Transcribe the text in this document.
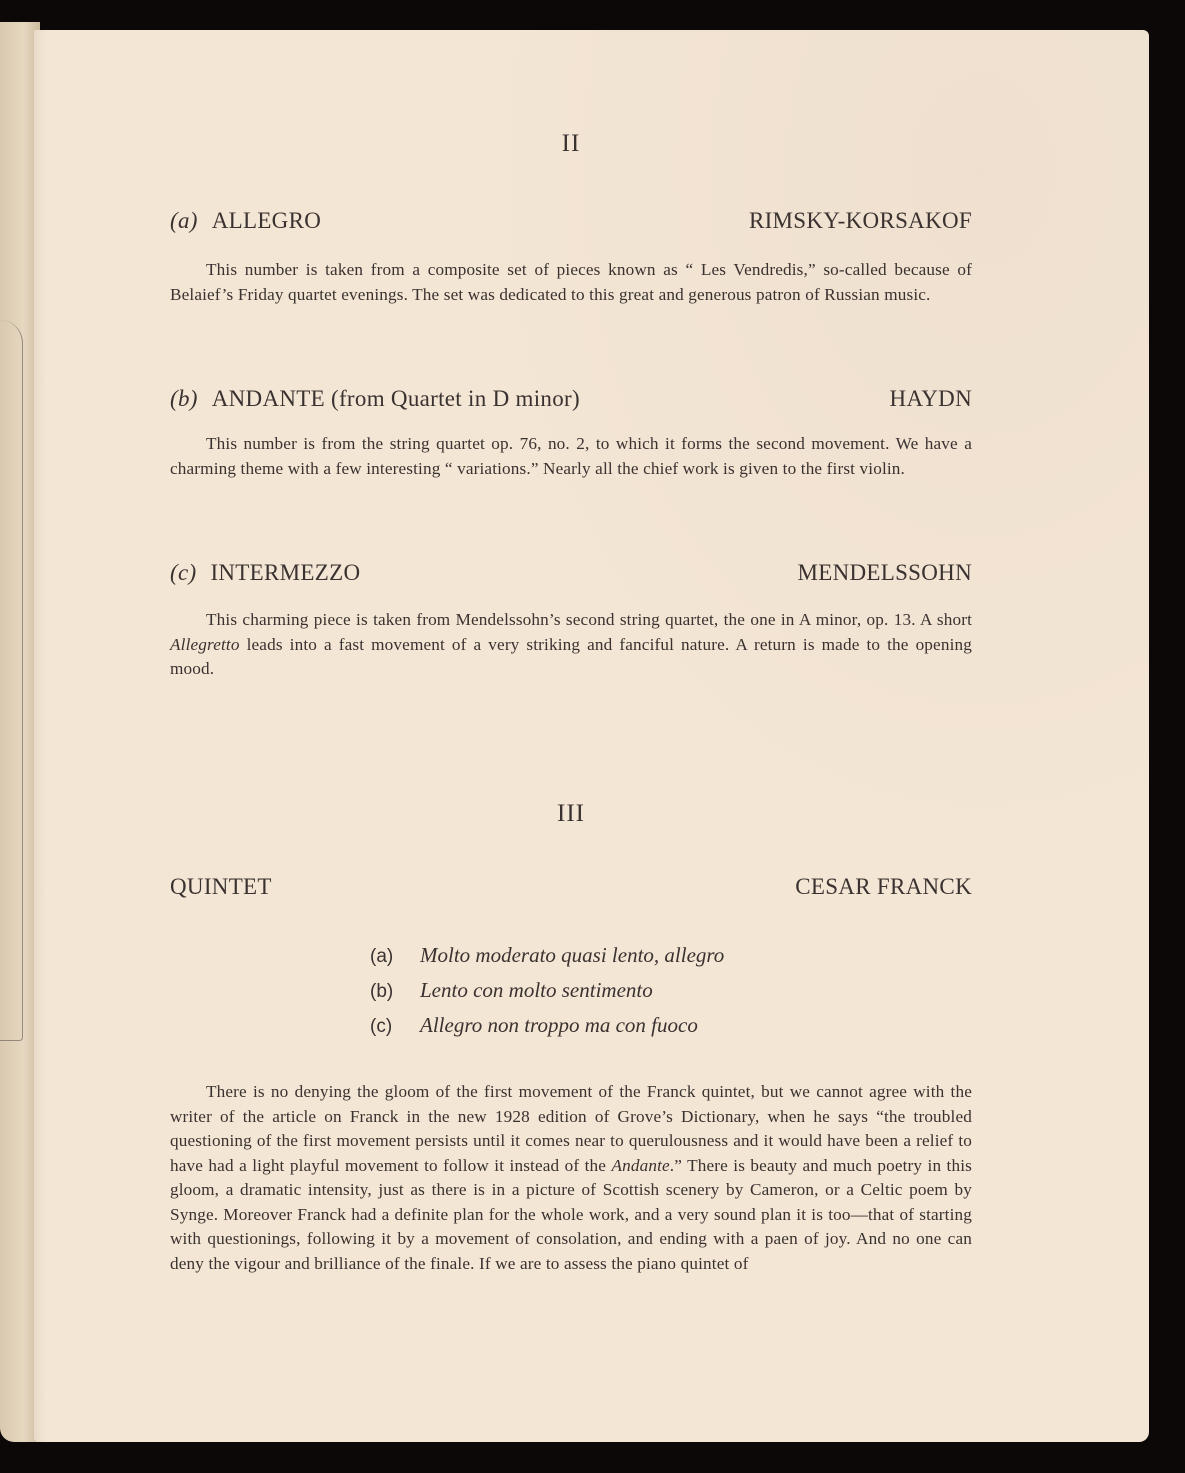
II
(a) ALLEGRO	RIMSKY-KORSAKOF
This number is taken from a composite set of pieces known as “ Les Vendredis,” so-called because of Belaief’s Friday quartet evenings. The set was dedicated to this great and generous patron of Russian music.
(b) ANDANTE (from Quartet in D minor)	HAYDN
This number is from the string quartet op. 76, no. 2, to which it forms the second movement. We have a charming theme with a few interesting “ variations.” Nearly all the chief work is given to the first violin.
(c) INTERMEZZO	MENDELSSOHN
This charming piece is taken from Mendelssohn’s second string quartet, the one in A minor, op. 13. A short Allegretto leads into a fast movement of a very striking and fanciful nature. A return is made to the opening mood.
III
QUINTET	CESAR FRANCK
(a)	Molto moderato quasi lento, allegro
(b)	Lento con molto sentimento
(c)	Allegro non troppo ma con fuoco
There is no denying the gloom of the first movement of the Franck quintet, but we cannot agree with the writer of the article on Franck in the new 1928 edition of Grove’s Dictionary, when he says “the troubled questioning of the first movement persists until it comes near to querulousness and it would have been a relief to have had a light playful movement to follow it instead of the Andante.” There is beauty and much poetry in this gloom, a dramatic intensity, just as there is in a picture of Scottish scenery by Cameron, or a Celtic poem by Synge. Moreover Franck had a definite plan for the whole work, and a very sound plan it is too—that of starting with questionings, following it by a movement of consolation, and ending with a paen of joy. And no one can deny the vigour and brilliance of the finale. If we are to assess the piano quintet of
